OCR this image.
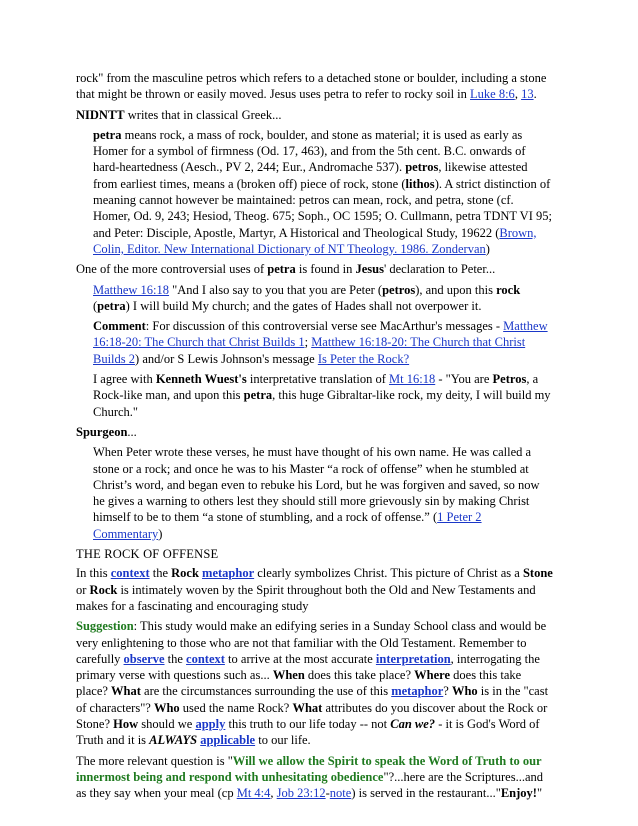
rock" from the masculine petros which refers to a detached stone or boulder, including a stone that might be thrown or easily moved. Jesus uses petra to refer to rocky soil in Luke 8:6, 13.

NIDNTT writes that in classical Greek...

petra means rock, a mass of rock, boulder, and stone as material; it is used as early as Homer for a symbol of firmness (Od. 17, 463), and from the 5th cent. B.C. onwards of hard-heartedness (Aesch., PV 2, 244; Eur., Andromache 537). petros, likewise attested from earliest times, means a (broken off) piece of rock, stone (lithos). A strict distinction of meaning cannot however be maintained: petros can mean, rock, and petra, stone (cf. Homer, Od. 9, 243; Hesiod, Theog. 675; Soph., OC 1595; O. Cullmann, petra TDNT VI 95; and Peter: Disciple, Apostle, Martyr, A Historical and Theological Study, 19622 (Brown, Colin, Editor. New International Dictionary of NT Theology. 1986. Zondervan)

One of the more controversial uses of petra is found in Jesus' declaration to Peter...

Matthew 16:18 "And I also say to you that you are Peter (petros), and upon this rock (petra) I will build My church; and the gates of Hades shall not overpower it.

Comment: For discussion of this controversial verse see MacArthur's messages - Matthew 16:18-20: The Church that Christ Builds 1; Matthew 16:18-20: The Church that Christ Builds 2) and/or S Lewis Johnson's message Is Peter the Rock?

I agree with Kenneth Wuest's interpretative translation of Mt 16:18 - "You are Petros, a Rock-like man, and upon this petra, this huge Gibraltar-like rock, my deity, I will build my Church."

Spurgeon...

When Peter wrote these verses, he must have thought of his own name. He was called a stone or a rock; and once he was to his Master “a rock of offense” when he stumbled at Christ’s word, and began even to rebuke his Lord, but he was forgiven and saved, so now he gives a warning to others lest they should still more grievously sin by making Christ himself to be to them “a stone of stumbling, and a rock of offense.” (1 Peter 2 Commentary)

THE ROCK OF OFFENSE

In this context the Rock metaphor clearly symbolizes Christ. This picture of Christ as a Stone or Rock is intimately woven by the Spirit throughout both the Old and New Testaments and makes for a fascinating and encouraging study

Suggestion: This study would make an edifying series in a Sunday School class and would be very enlightening to those who are not that familiar with the Old Testament. Remember to carefully observe the context to arrive at the most accurate interpretation, interrogating the primary verse with questions such as... When does this take place? Where does this take place? What are the circumstances surrounding the use of this metaphor? Who is in the "cast of characters"? Who used the name Rock? What attributes do you discover about the Rock or Stone? How should we apply this truth to our life today -- not Can we? - it is God's Word of Truth and it is ALWAYS applicable to our life.

The more relevant question is "Will we allow the Spirit to speak the Word of Truth to our innermost being and respond with unhesitating obedience"?...here are the Scriptures...and as they say when your meal (cp Mt 4:4, Job 23:12-note) is served in the restaurant..."Enjoy!"
